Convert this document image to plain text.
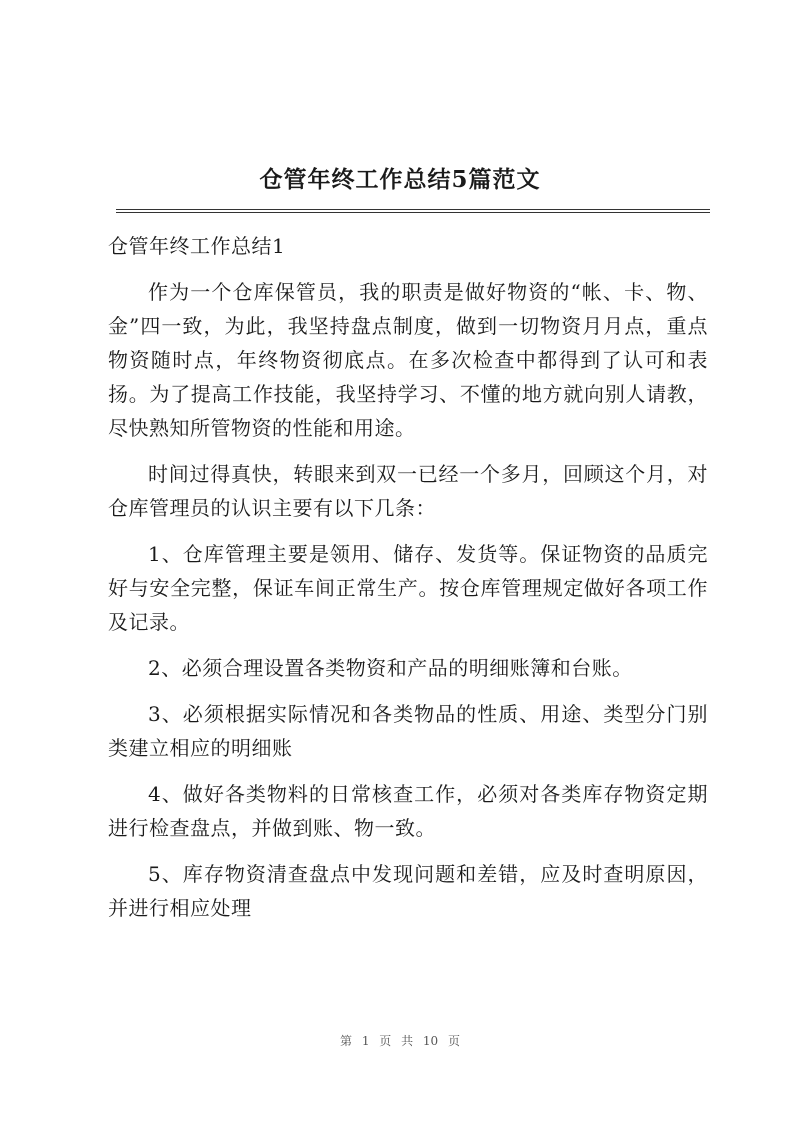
仓管年终工作总结5篇范文
仓管年终工作总结1

作为一个仓库保管员，我的职责是做好物资的“帐、卡、物、金”四一致，为此，我坚持盘点制度，做到一切物资月月点，重点物资随时点，年终物资彻底点。在多次检查中都得到了认可和表扬。为了提高工作技能，我坚持学习、不懂的地方就向别人请教，尽快熟知所管物资的性能和用途。

时间过得真快，转眼来到双一已经一个多月，回顾这个月，对仓库管理员的认识主要有以下几条：

1、仓库管理主要是领用、储存、发货等。保证物资的品质完好与安全完整，保证车间正常生产。按仓库管理规定做好各项工作及记录。

2、必须合理设置各类物资和产品的明细账簿和台账。

3、必须根据实际情况和各类物品的性质、用途、类型分门别类建立相应的明细账

4、做好各类物料的日常核查工作，必须对各类库存物资定期进行检查盘点，并做到账、物一致。

5、库存物资清查盘点中发现问题和差错，应及时查明原因，并进行相应处理

第 1 页 共 10 页
